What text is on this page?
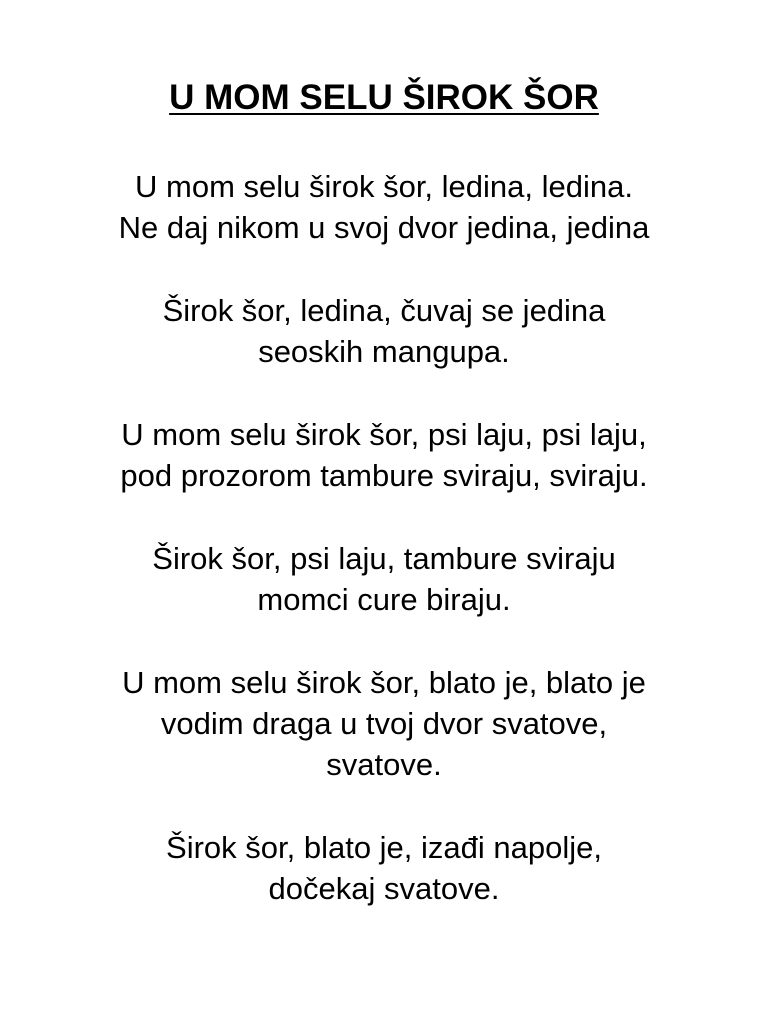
U MOM SELU ŠIROK ŠOR
U mom selu širok šor, ledina, ledina.
Ne daj nikom u svoj dvor jedina, jedina
Širok šor, ledina, čuvaj se jedina
seoskih mangupa.
U mom selu širok šor, psi laju, psi laju,
pod prozorom tambure sviraju, sviraju.
Širok šor, psi laju, tambure sviraju
momci cure biraju.
U mom selu širok šor, blato je, blato je
vodim draga u tvoj dvor svatove,
svatove.
Širok šor, blato je, izađi napolje,
dočekaj svatove.
